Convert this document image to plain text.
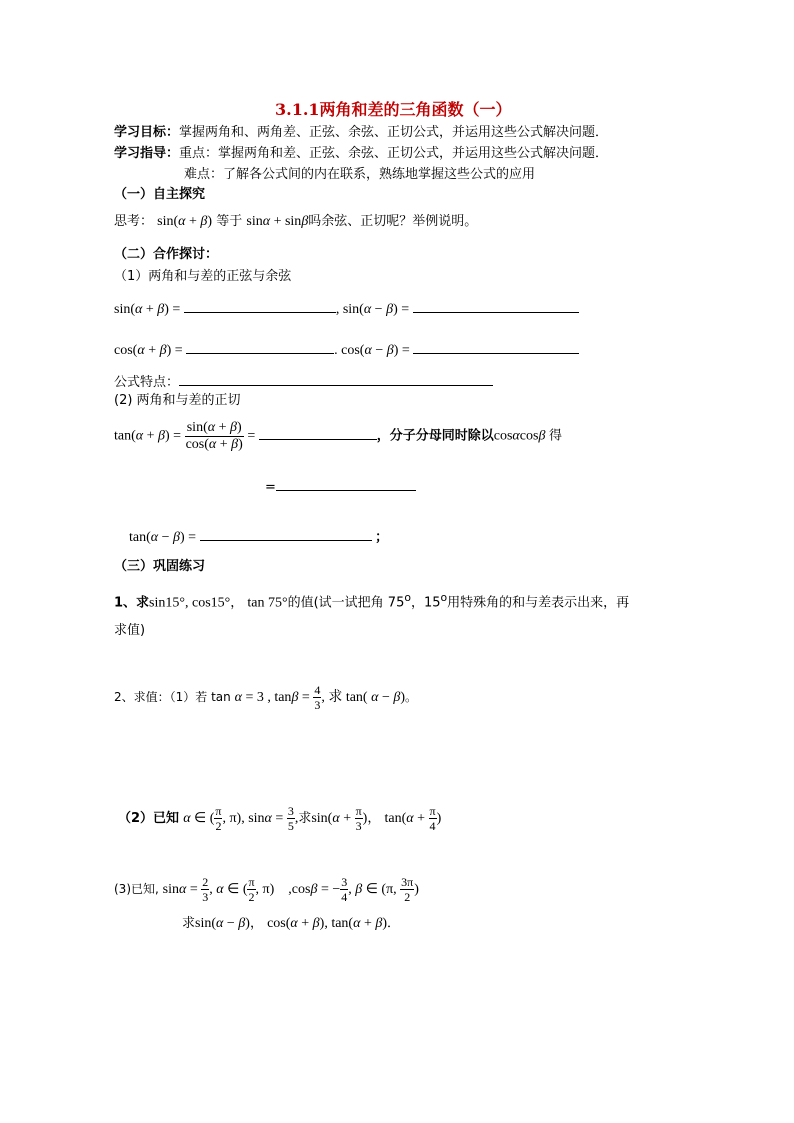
3.1.1两角和差的三角函数（一）
学习目标：掌握两角和、两角差、正弦、余弦、正切公式，并运用这些公式解决问题．
学习指导：重点：掌握两角和差、正弦、余弦、正切公式，并运用这些公式解决问题．
难点：了解各公式间的内在联系，熟练地掌握这些公式的应用
（一）自主探究
思考： sin(α + β) 等于 sinα + sinβ吗余弦、正切呢？举例说明。
（二）合作探讨：
（1）两角和与差的正弦与余弦
sin(α + β) =	, sin(α − β) =
cos(α + β) =	. cos(α − β) =
公式特点：
(2) 两角和与差的正切
$\tan(\alpha + \beta) = \frac{\sin(\alpha + \beta)}{\cos(\alpha + \beta)}$ =	，分子分母同时除以cosαcosβ 得
=
tan(α − β) =	；
（三）巩固练习
1、求sin15°, cos15°， tan 75°的值(试一试把角 75$^o$，15$^o$用特殊角的和与差表示出来，再
求值)
2、求值：（1）若 tan α = 3 , $\tan\beta = \frac{4}{3}$ , 求 tan( α − β)。
（2）已知 α ∈ ( $\frac{\pi}{2}$ , π), $\sin\alpha = \frac{3}{5}$ ,求$\sin(\alpha + \frac{\pi}{3}$ )， $\tan(\alpha + \frac{\pi}{4}$ )
(3)已知, $\sin\alpha = \frac{2}{3}$ , α ∈ ( $\frac{\pi}{2}$ , π)    ,cosβ = − $\frac{3}{4}$ , β ∈ (π, $\frac{3\pi}{2}$ )
求sin(α − β)， cos(α + β), tan(α + β)．
